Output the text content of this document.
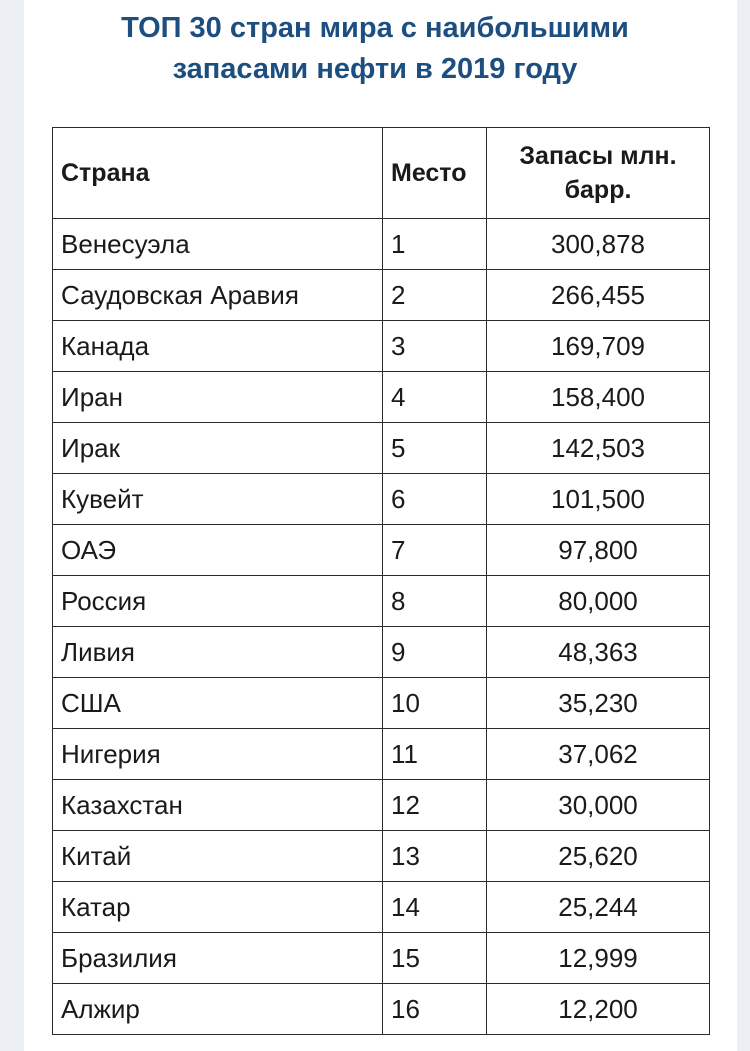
ТОП 30 стран мира с наибольшими
запасами нефти в 2019 году
Страна	Место	Запасы млн. барр.
Венесуэла	1	300,878
Саудовская Аравия	2	266,455
Канада	3	169,709
Иран	4	158,400
Ирак	5	142,503
Кувейт	6	101,500
ОАЭ	7	97,800
Россия	8	80,000
Ливия	9	48,363
США	10	35,230
Нигерия	11	37,062
Казахстан	12	30,000
Китай	13	25,620
Катар	14	25,244
Бразилия	15	12,999
Алжир	16	12,200
